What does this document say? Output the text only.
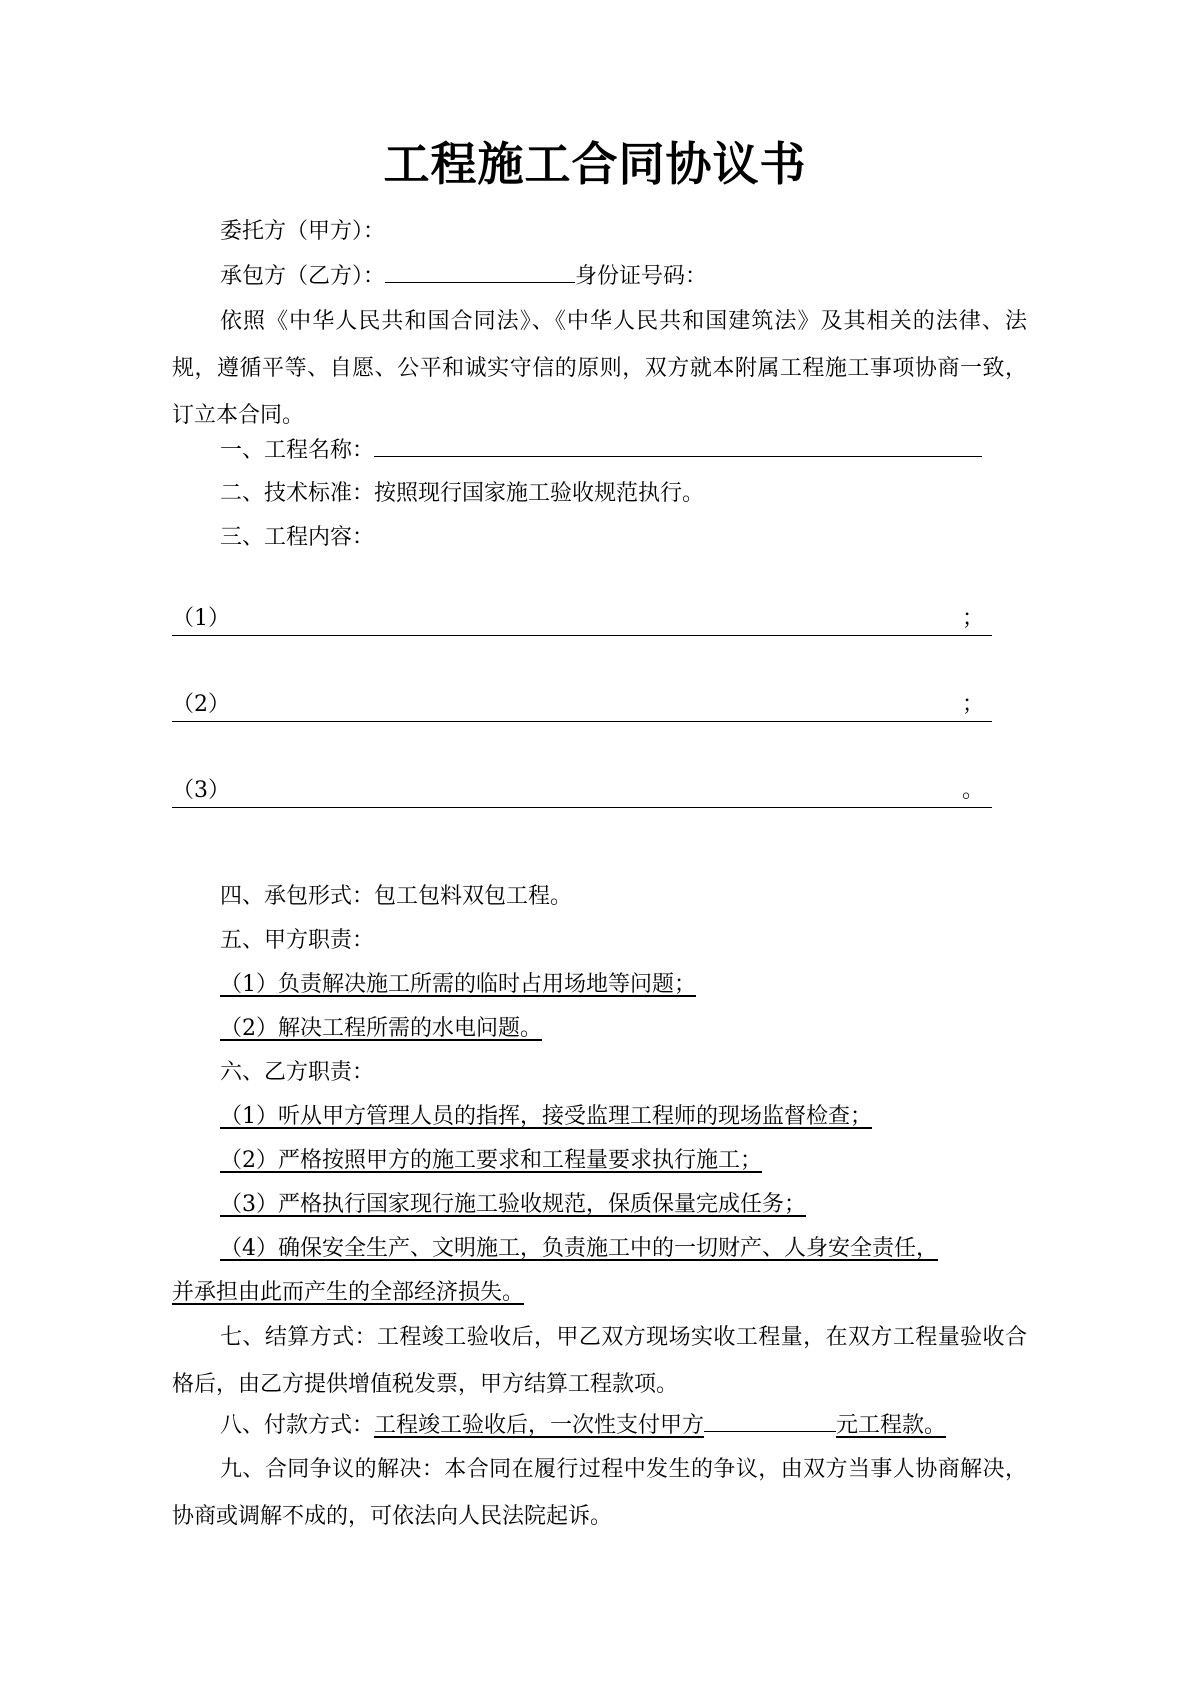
工程施工合同协议书
委托方（甲方）：
承包方（乙方）：	身份证号码：
依照《中华人民共和国合同法》、《中华人民共和国建筑法》及其相关的法律、法规，遵循平等、自愿、公平和诚实守信的原则，双方就本附属工程施工事项协商一致，订立本合同。
一、工程名称：
二、技术标准：按照现行国家施工验收规范执行。
三、工程内容：
（1）	；
（2）	；
（3）	。
四、承包形式：包工包料双包工程。
五、甲方职责：
（1）负责解决施工所需的临时占用场地等问题；
（2）解决工程所需的水电问题。
六、乙方职责：
（1）听从甲方管理人员的指挥，接受监理工程师的现场监督检查；
（2）严格按照甲方的施工要求和工程量要求执行施工；
（3）严格执行国家现行施工验收规范，保质保量完成任务；
（4）确保安全生产、文明施工，负责施工中的一切财产、人身安全责任，
并承担由此而产生的全部经济损失。
七、结算方式：工程竣工验收后，甲乙双方现场实收工程量，在双方工程量验收合格后，由乙方提供增值税发票，甲方结算工程款项。
八、付款方式：工程竣工验收后，一次性支付甲方	元工程款。
九、合同争议的解决：本合同在履行过程中发生的争议，由双方当事人协商解决，协商或调解不成的，可依法向人民法院起诉。
